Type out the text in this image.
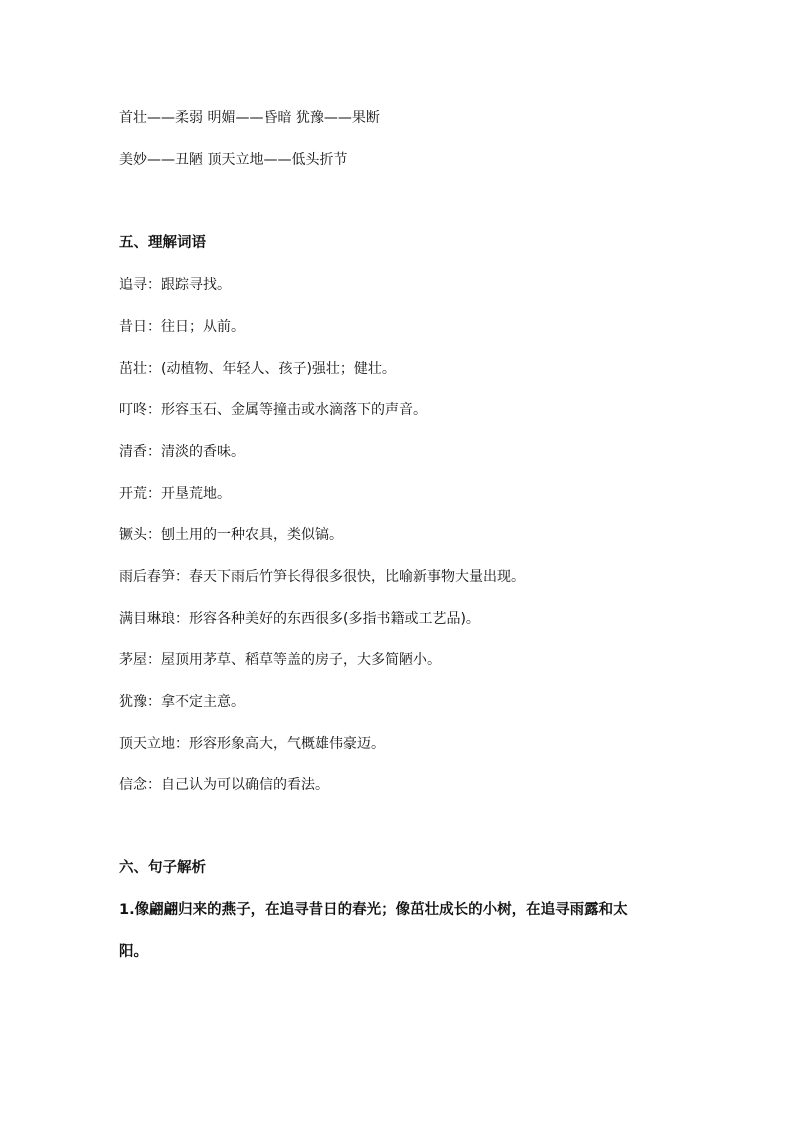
首壮——柔弱 明媚——昏暗 犹豫——果断
美妙——丑陋 顶天立地——低头折节
五、理解词语
追寻：跟踪寻找。
昔日：往日；从前。
茁壮：(动植物、年轻人、孩子)强壮；健壮。
叮咚：形容玉石、金属等撞击或水滴落下的声音。
清香：清淡的香味。
开荒：开垦荒地。
镢头：刨土用的一种农具，类似镐。
雨后春笋：春天下雨后竹笋长得很多很快，比喻新事物大量出现。
满目琳琅：形容各种美好的东西很多(多指书籍或工艺品)。
茅屋：屋顶用茅草、稻草等盖的房子，大多简陋小。
犹豫：拿不定主意。
顶天立地：形容形象高大，气概雄伟豪迈。
信念：自己认为可以确信的看法。
六、句子解析
1.像翩翩归来的燕子，在追寻昔日的春光；像茁壮成长的小树，在追寻雨露和太
阳。
